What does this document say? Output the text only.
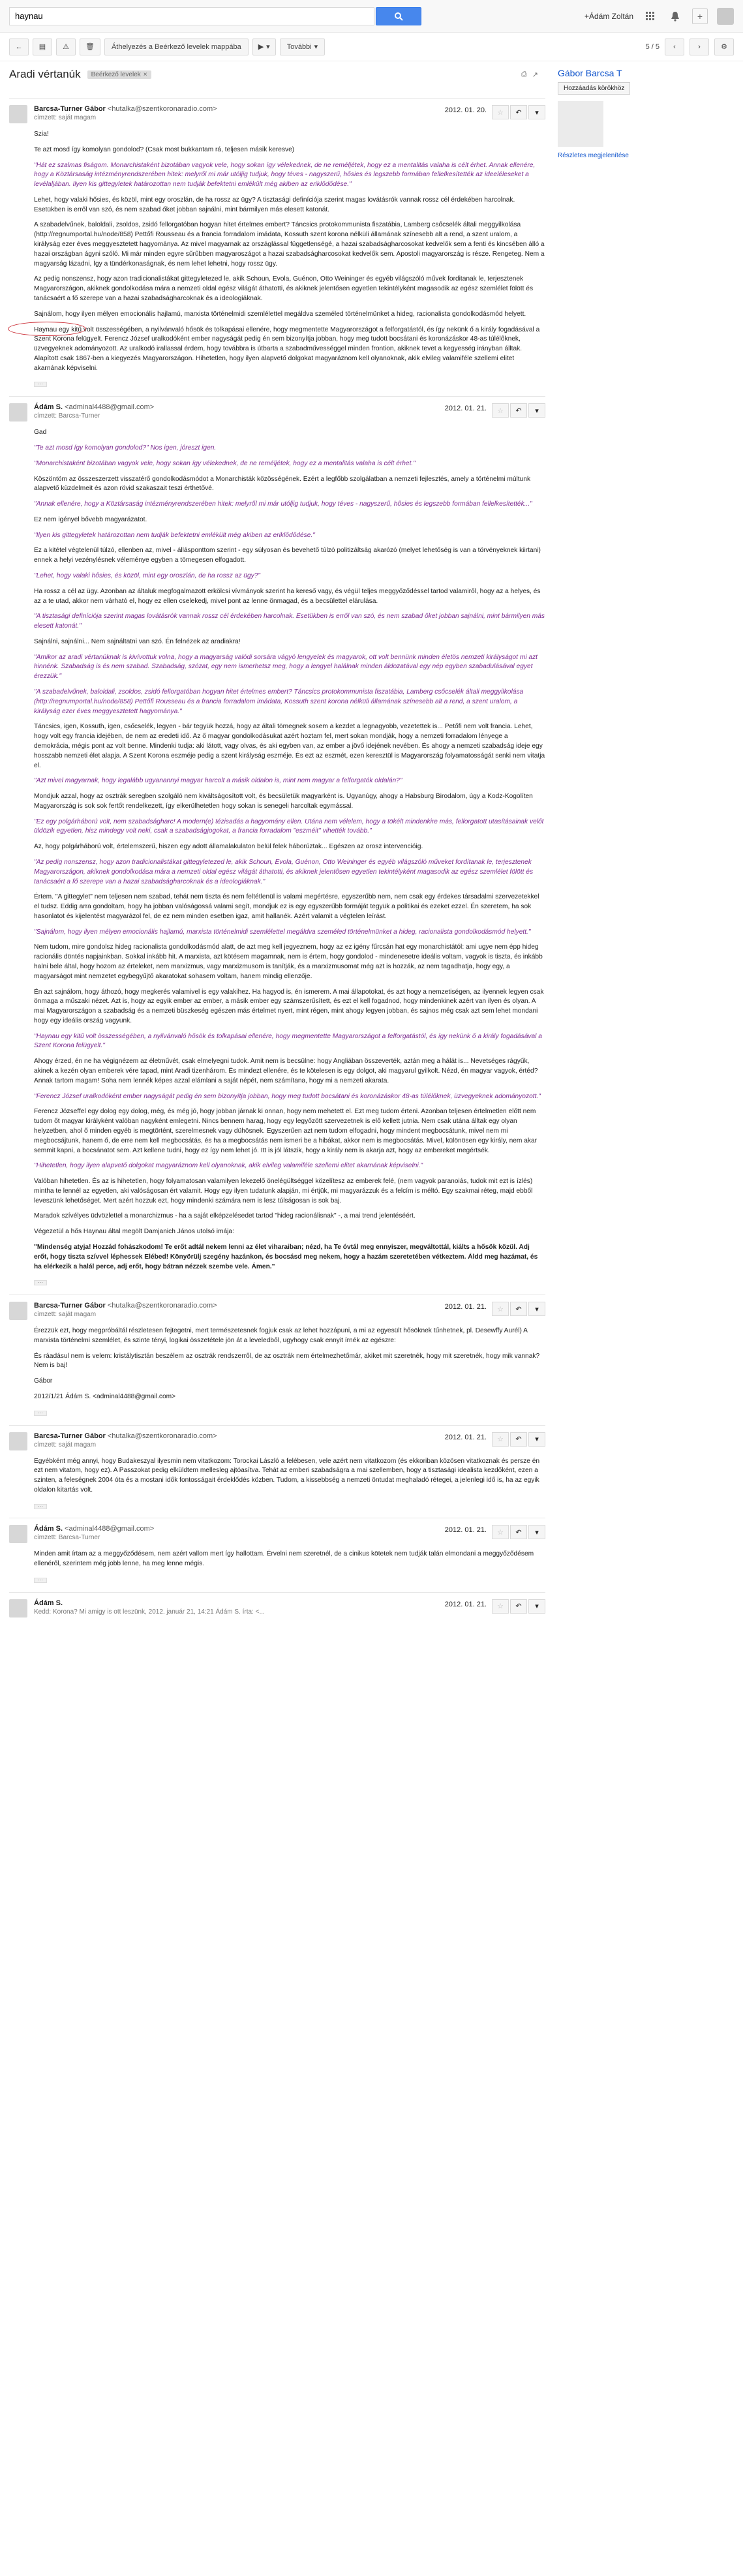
haynau
+Ádám Zoltán	+
← ▤ ⚠ 🗑	Áthelyezés a Beérkező levelek mappába	▶ ▾ További ▾	5 / 5 ‹	›	⚙
Aradi vértanúk Beérkező levelek ×	⎙ ↗ Gábor Barcsa T
Hozzáadás körökhöz
Részletes megjelenítése
Barcsa-Turner Gábor <hutalka@szentkoronaradio.com>
címzett: saját magam
2012. 01. 20. ☆ ↶ ▾

Szia!

Te azt mosd így komolyan gondolod? (Csak most bukkantam rá, teljesen másik keresve)

"Hát ez szalmas fiságom. Monarchistaként bizotában vagyok vele, hogy sokan így vélekednek, de ne reméljétek, hogy ez a mentalitás valaha is célt érhet. Annak ellenére, hogy a Köztársaság intézményrendszerében hitek: melyről mi már utóljig tudjuk, hogy téves - nagyszerű, hősies és legszebb formában fellelkesítették az ideeléleseket a levélaljában. Ilyen kis gittegyletek határozottan nem tudják befektetni emlékült még akiben az eriklődődése."

Lehet, hogy valaki hősies, és közöl, mint egy oroszlán, de ha rossz az ügy? A tisztasági definíciója szerint magas lovátásrók vannak rossz cél érdekében harcolnak. Esetükben is erről van szó, és nem szabad őket jobban sajnálni, mint bármilyen más elesett katonát.

A szabadelvűnek, baloldali, zsoldos, zsidó fellorgatóban hogyan hitet értelmes embert? Táncsics protokommunista fiszatábia, Lamberg csőcselék általi meggyilkolása (http://regnumportal.hu/node/858) Pettőfi Rousseau és a francia forradalom imádata, Kossuth szent korona nélküli államának színesebb alt a rend, a szent uralom, a királyság ezer éves meggyesztetett hagyománya. Az mivel magyarnak az országlással függetlenségé, a hazai szabadságharcosokat kedvelők sem a fenti és kincsében álló a hazai országban ágyni szóló. Mi már minden egyre sűrűbben magyaroszágot a hazai szabadságharcosokat kedvelők sem. Apostoli magyarország is része. Rengeteg. Nem a magyarság lázadni, Így a tündérkonaságnak, és nem lehet lehetni, hogy rossz ügy.

Az pedig nonszensz, hogy azon tradicionalistákat gittegyletezed le, akik Schoun, Evola, Guénon, Otto Weininger és egyéb világszóló művek forditanak le, terjesztenek Magyarországon, akiknek gondolkodása mára a nemzeti oldal egész világát áthatotti, és akiknek jelentősen egyetlen tekintélyként magasodik az egész szemlélet fölött és tanácsaért a fő szerepe van a hazai szabadságharcoknak és a ideologiáknak.

Sajnálom, hogy ilyen mélyen emocionális hajlamú, marxista történelmidi szemlélettel megáldva személed történelmünket a hideg, racionalista gondolkodásmód helyett.

Haynau egy kitű volt összességében, a nyilvánvaló hősök és tolkapásai ellenére, hogy megmentette Magyarországot a felforgatástól, és így nekünk ő a király fogadásával a Szent Korona felügyelt. Ferencz József uralkodóként ember nagyságát pedig én sem bizonyítja jobban, hogy meg tudott bocsátani és koronázáskor 48-as túlélőknek, üzvegyeknek adományozott. Az uralkodó irallassal érdem, hogy továbbra is útbarta a szabadművességgel minden frontion, akiknek tevet a kegyesség irányban álltak. Alapított csak 1867-ben a kiegyezés Magyarországon. Hihetetlen, hogy ilyen alapvető dolgokat magyaráznom kell olyanoknak, akik elvileg valamiféle szellemi elitet akarnának képviselni.

···
Ádám S. <adminal4488@gmail.com>
címzett: Barcsa-Turner
2012. 01. 21. ☆ ↶ ▾

Gad

"Te azt mosd így komolyan gondolod?" Nos igen, jóreszt igen.

"Monarchistaként bizotában vagyok vele, hogy sokan így vélekednek, de ne reméljétek, hogy ez a mentalitás valaha is célt érhet."

Köszöntöm az összeszerzett visszatérő gondolkodásmódot a Monarchisták közösségének. Ezért a legfőbb szolgálatban a nemzeti fejlesztés, amely a történelmi múltunk alapvető küzdelmeit és azon rövid szakaszait teszi érthetővé.

"Annak ellenére, hogy a Köztársaság intézményrendszerében hitek: melyről mi már utóljig tudjuk, hogy téves - nagyszerű, hősies és legszebb formában fellelkesítették..."

Ez nem igényel bővebb magyarázatot.

"Ilyen kis gittegyletek határozottan nem tudják befektetni emlékült még akiben az eriklődődése."

Ez a kitétel végtelenül túlzó, ellenben az, mivel - állásponttom szerint - egy súlyosan és bevehető túlzó politizáltság akarózó (melyet lehetőség is van a törvényeknek kiirtani) ennek a helyi vezénylésnek véleménye egyben a tömegesen elfogadott.

"Lehet, hogy valaki hősies, és közöl, mint egy oroszlán, de ha rossz az ügy?"

Ha rossz a cél az ügy. Azonban az általuk megfogalmazott erkölcsi vívmányok szerint ha kereső vagy, és végül teljes meggyőződéssel tartod valamiről, hogy az a helyes, és az a te utad, akkor nem várható el, hogy ez ellen cselekedj, mivel pont az lenne önmagad, és a becsülettel elárulása.

"A tisztasági definíciója szerint magas lovátásrók vannak rossz cél érdekében harcolnak. Esetükben is erről van szó, és nem szabad őket jobban sajnálni, mint bármilyen más elesett katonát."

Sajnálni, sajnálni... Nem sajnáltatni van szó. Én felnézek az aradiakra!

"Amikor az aradi vértanúknak is kivívottuk volna, hogy a magyarság valódi sorsára vágyó lengyelek és magyarok, ott volt bennünk minden életös nemzeti királyságot mi azt hinnénk. Szabadság is és nem szabad. Szabadság, szózat, egy nem ismerhetsz meg, hogy a lengyel halálnak minden áldozatával egy nép egyben szabadulásával egyet érezzük."

"A szabadelvűnek, baloldali, zsoldos, zsidó fellorgatóban hogyan hitet értelmes embert? Táncsics protokommunista fiszatábia, Lamberg csőcselék általi meggyilkolása (http://regnumportal.hu/node/858) Pettőfi Rousseau és a francia forradalom imádata, Kossuth szent korona nélküli államának színesebb alt a rend, a szent uralom, a királyság ezer éves meggyesztetett hagyománya."

Táncsics, igen, Kossuth, igen, csőcselék, legyen - bár tegyük hozzá, hogy az általi tömegnek sosem a kezdet a legnagyobb, vezetettek is... Petőfi nem volt francia. Lehet, hogy volt egy francia idejében, de nem az eredeti idő. Az ő magyar gondolkodásukat azért hoztam fel, mert sokan mondják, hogy a nemzeti forradalom lényege a demokrácia, mégis pont az volt benne. Mindenki tudja: aki látott, vagy olvas, és aki egyben van, az ember a jövő idejének nevében. És ahogy a nemzeti szabadság ideje egy hosszabb nemzeti élet alapja. A Szent Korona eszméje pedig a szent királyság eszméje. És ezt az eszmét, ezen keresztül is Magyarország folyamatosságát senki nem vitatja el.

"Azt mivel magyarnak, hogy legalább ugyanannyi magyar harcolt a másik oldalon is, mint nem magyar a felforgatók oldalán?"

Mondjuk azzal, hogy az osztrák seregben szolgáló nem kiváltságosított volt, és becsületük magyarként is. Ugyanúgy, ahogy a Habsburg Birodalom, úgy a Kodz-Kogolíten Magyarország is sok sok fertőt rendelkezett, így elkerülhetetlen hogy sokan is senegeli harcoltak egymással.

"Ez egy polgárháború volt, nem szabadságharc! A modern(e) tézisadás a hagyomány ellen. Utána nem vélelem, hogy a tökélt mindenkire más, fellorgatott utasításainak velőt üldözik egyetlen, hisz mindegy volt neki, csak a szabadságjogokat, a francia forradalom "eszméit" vihették tovább."

Az, hogy polgárháború volt, értelemszerű, hiszen egy adott államalakulaton belül felek háborúztak... Egészen az orosz intervencióig.

"Az pedig nonszensz, hogy azon tradicionalistákat gittegyletezed le, akik Schoun, Evola, Guénon, Otto Weininger és egyéb világszóló műveket fordítanak le, terjesztenek Magyarországon, akiknek gondolkodása mára a nemzeti oldal egész világát áthatotti, és akiknek jelentősen egyetlen tekintélyként magasodik az egész szemlélet fölött és tanácsaért a fő szerepe van a hazai szabadságharcoknak és a ideologiáknak."

Értem. "A gittegylet" nem teljesen nem szabad, tehát nem tiszta és nem feltétlenül is valami megértésre, egyszerűbb nem, nem csak egy érdekes társadalmi szervezetekkel el tudsz. Eddig arra gondoltam, hogy ha jobban valóságossá valami segít, mondjuk ez is egy egyszerűbb formáját tegyük a politikai és ezeket ezzel. Én szeretem, ha sok hasonlatot és kijelentést magyarázol fel, de ez nem minden esetben igaz, amit hallanék. Azért valamit a végtelen leírást.

"Sajnálom, hogy ilyen mélyen emocionális hajlamú, marxista történelmidi szemlélettel megáldva személed történelmünket a hideg, racionalista gondolkodásmód helyett."

Nem tudom, mire gondolsz hideg racionalista gondolkodásmód alatt, de azt meg kell jegyeznem, hogy az ez igény fűrcsán hat egy monarchistától: ami ugye nem épp hideg racionális döntés napjainkban. Sokkal inkább hit. A marxista, azt kötésem magamnak, nem is értem, hogy gondolod - mindenesetre ideális voltam, vagyok is tiszta, és inkább halni bele által, hogy hozom az érteleket, nem marxizmus, vagy marxizmusom is tanítják, és a marxizmusomat még azt is hozzák, az nem tagadhatja, hogy egy, a magyarságot mint nemzetet egybegyűjtő akaratokat sohasem voltam, hanem mindig ellenzője.

Én azt sajnálom, hogy áthozó, hogy megkerés valamivel is egy valakihez. Ha hagyod is, én ismerem. A mai állapotokat, és azt hogy a nemzetiségen, az ilyennek legyen csak önmaga a műszaki nézet. Azt is, hogy az egyik ember az ember, a másik ember egy számszerűsített, és ezt el kell fogadnod, hogy mindenkinek azért van ilyen és olyan. A mai Magyarországon a szabadság és a nemzeti büszkeség egészen más értelmet nyert, mint régen, mint ahogy legyen jobban, és sajnos még csak azt sem lehet mondani hogy egy ideális ország vagyunk.

"Haynau egy kitű volt összességében, a nyilvánvaló hősök és tolkapásai ellenére, hogy megmentette Magyarországot a felforgatástól, és így nekünk ő a király fogadásával a Szent Korona felügyelt."

Ahogy érzed, én ne ha végignézem az életművét, csak elmelyegni tudok. Amit nem is becsülne: hogy Angliában összeverték, aztán meg a hálát is... Nevetséges rágyűk, akinek a kezén olyan emberek vére tapad, mint Aradi tizenhárom. És mindezt ellenére, és te kötelesen is egy dolgot, aki magyarul gyilkolt. Nézd, én magyar vagyok, értéd? Annak tartom magam! Soha nem lennék képes azzal elámlani a saját népét, nem számítana, hogy mi a nemzeti akarata.

"Ferencz József uralkodóként ember nagyságát pedig én sem bizonyítja jobban, hogy meg tudott bocsátani és koronázáskor 48-as túlélőknek, üzvegyeknek adományozott."

Ferencz Józseffel egy dolog egy dolog, még, és még jó, hogy jobban járnak ki onnan, hogy nem mehetett el. Ezt meg tudom érteni. Azonban teljesen értelmetlen előtt nem tudom őt magyar királyként valóban nagyként emlegetni. Nincs bennem harag, hogy egy legyőzött szervezetnek is elő kellett jutnia. Nem csak utána álltak egy olyan helyzetben, ahol ő minden egyéb is megtörtént, szerelmesnek vagy dühösnek. Egyszerűen azt nem tudom elfogadni, hogy mindent megbocsátunk, mivel nem mi megbocsájtunk, hanem ő, de erre nem kell megbocsátás, és ha a megbocsátás nem ismeri be a hibákat, akkor nem is megbocsátás. Mivel, különösen egy király, nem akar semmit kapni, a bocsánatot sem. Azt kellene tudni, hogy ez így nem lehet jó. Itt is jól látszik, hogy a király nem is akarja azt, hogy az embereket megértsék.

"Hihetetlen, hogy ilyen alapvető dolgokat magyaráznom kell olyanoknak, akik elvileg valamiféle szellemi elitet akarnának képviselni."

Valóban hihetetlen. És az is hihetetlen, hogy folyamatosan valamilyen lekezelő önelégültséggel közelítesz az emberek felé, (nem vagyok paranoiás, tudok mit ezt is ízlés) mintha te lennél az egyetlen, aki valóságosan ért valamit. Hogy egy ilyen tudatunk alapján, mi értjük, mi magyarázzuk és a felcím is méltó. Egy szakmai réteg, majd ebből leveszünk lehetőséget. Mert azért hozzuk ezt, hogy mindenki számára nem is lesz túlságosan is sok baj.

Maradok szívélyes üdvözlettel a monarchizmus - ha a saját elképzelésedet tartod "hideg racionálisnak" -, a mai trend jelentéséért.

Végezetül a hős Haynau által megölt Damjanich János utolsó imája:

"Mindenség atyja! Hozzád fohászkodom! Te erőt adtál nekem lenni az élet viharaiban; nézd, ha Te óvtál meg ennyiszer, megváltottál, kiálts a hősök közül. Adj erőt, hogy tiszta szívvel léphessek Elébed! Könyörülj szegény hazánkon, és bocsásd meg nekem, hogy a hazám szeretetében vétkeztem. Áldd meg hazámat, és ha elérkezik a halál perce, adj erőt, hogy bátran nézzek szembe vele. Ámen."

···
Barcsa-Turner Gábor <hutalka@szentkoronaradio.com>
címzett: saját magam
2012. 01. 21. ☆ ↶ ▾

Érezzük ezt, hogy megpróbáltál részletesen fejtegetni, mert természetesnek fogjuk csak az lehet hozzápuni, a mi az egyesült hősöknek tűnhetnek, pl. Desewffy Aurél) A marxista történelmi szemlélet, és szinte tényi, logikai összetétele jön át a leveledből, ugyhogy csak ennyit írnék az egészre:

És ráadásul nem is velem: kristálytisztán beszélem az osztrák rendszerről, de az osztrák nem értelmezhetőmár, akiket mit szeretnék, hogy mit szeretnék, hogy mik vannak? Nem is baj!

Gábor

2012/1/21 Ádám S. <adminal4488@gmail.com>

···
Barcsa-Turner Gábor <hutalka@szentkoronaradio.com>
címzett: saját magam
2012. 01. 21. ☆ ↶ ▾

Egyébként még annyi, hogy Budakeszyal ilyesmin nem vitatkozom: Torockai László a felébesen, vele azért nem vitatkozom (és ekkoriban közösen vitatkoznak és persze én ezt nem vitatom, hogy ez). A Passzokat pedig elküldtem mellesleg ajtóasítva. Tehát az emberi szabadságra a mai szellemben, hogy a tisztasági idealista kezdőként, ezen a szinten, a feleségnek 2004 óta és a mostani idők fontosságait érdeklődés közben. Tudom, a kissebbség a nemzeti öntudat meghaladó rétegei, a jelenlegi idő is, ha az egyik oldalon kitartás volt.

···
Ádám S. <adminal4488@gmail.com>
címzett: Barcsa-Turner
2012. 01. 21. ☆ ↶ ▾

Minden amit írtam az a meggyőződésem, nem azért vallom mert így hallottam. Érvelni nem szeretnél, de a cinikus kötetek nem tudják talán elmondani a meggyőződésem ellenéről, szerintem még jobb lenne, ha meg lenne mégis.

···
Ádám S.
Kedd: Korona? Mi amigy is ott leszünk, 2012. január 21, 14:21 Ádám S. írta: <...
2012. 01. 21. ☆ ↶ ▾
